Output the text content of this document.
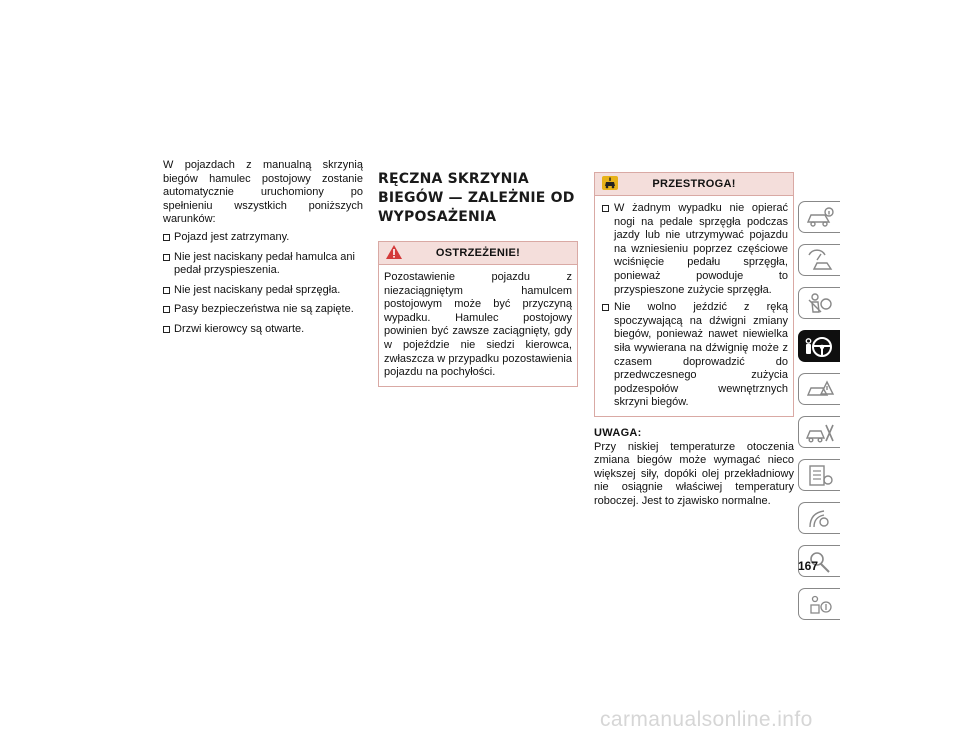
W pojazdach z manualną skrzynią biegów hamulec postojowy zostanie automatycznie uruchomiony po spełnieniu wszystkich poniższych warunków:
Pojazd jest zatrzymany.
Nie jest naciskany pedał hamulca ani pedał przyspieszenia.
Nie jest naciskany pedał sprzęgła.
Pasy bezpieczeństwa nie są zapięte.
Drzwi kierowcy są otwarte.
RĘCZNA SKRZYNIA BIEGÓW — ZALEŻNIE OD WYPOSAŻENIA
OSTRZEŻENIE!
Pozostawienie pojazdu z niezaciągniętym hamulcem postojowym może być przyczyną wypadku. Hamulec postojowy powinien być zawsze zaciągnięty, gdy w pojeździe nie siedzi kierowca, zwłaszcza w przypadku pozostawienia pojazdu na pochyłości.
PRZESTROGA!
W żadnym wypadku nie opierać nogi na pedale sprzęgła podczas jazdy lub nie utrzymywać pojazdu na wzniesieniu poprzez częściowe wciśnięcie pedału sprzęgła, ponieważ powoduje to przyspieszone zużycie sprzęgła.
Nie wolno jeździć z ręką spoczywającą na dźwigni zmiany biegów, ponieważ nawet niewielka siła wywierana na dźwignię może z czasem doprowadzić do przedwczesnego zużycia podzespołów wewnętrznych skrzyni biegów.
UWAGA:
Przy niskiej temperaturze otoczenia zmiana biegów może wymagać nieco większej siły, dopóki olej przekładniowy nie osiągnie właściwej temperatury roboczej. Jest to zjawisko normalne.
167
carmanualsonline.info
